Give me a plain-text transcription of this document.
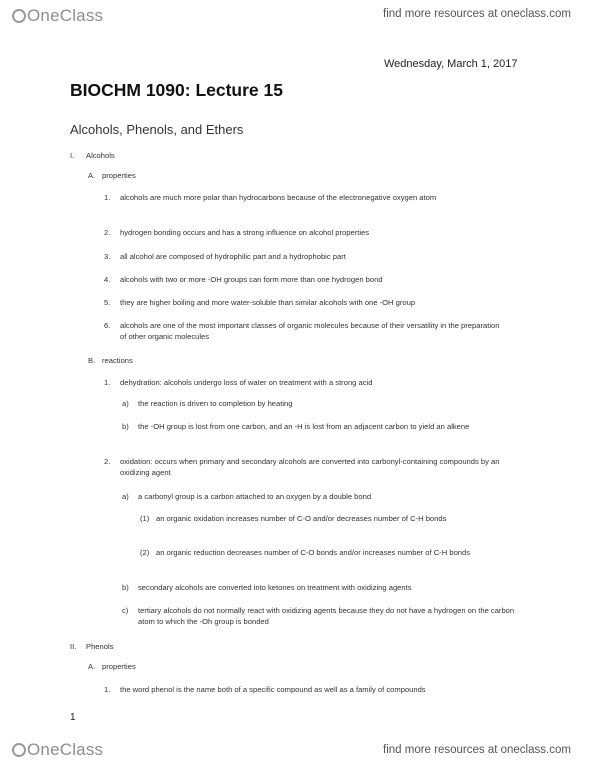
OneClass	find more resources at oneclass.com
Wednesday, March 1, 2017
BIOCHM 1090: Lecture 15
Alcohols, Phenols, and Ethers
I. Alcohols
A. properties
1. alcohols are much more polar than hydrocarbons because of the electronegative oxygen atom
2. hydrogen bonding occurs and has a strong influence on alcohol properties
3. all alcohol are composed of hydrophilic part and a hydrophobic part
4. alcohols with two or more -OH groups can form more than one hydrogen bond
5. they are higher boiling and more water-soluble than similar alcohols with one -OH group
6. alcohols are one of the most important classes of organic molecules because of their versatility in the preparation of other organic molecules
B. reactions
1. dehydration: alcohols undergo loss of water on treatment with a strong acid
a) the reaction is driven to completion by heating
b) the -OH group is lost from one carbon, and an -H is lost from an adjacent carbon to yield an alkene
2. oxidation: occurs when primary and secondary alcohols are converted into carbonyl-containing compounds by an oxidizing agent
a) a carbonyl group is a carbon attached to an oxygen by a double bond
(1) an organic oxidation increases number of C-O and/or decreases number of C-H bonds
(2) an organic reduction decreases number of C-O bonds and/or increases number of C-H bonds
b) secondary alcohols are converted into ketones on treatment with oxidizing agents
c) tertiary alcohols do not normally react with oxidizing agents because they do not have a hydrogen on the carbon atom to which the -Oh group is bonded
II. Phenols
A. properties
1. the word phenol is the name both of a specific compound as well as a family of compounds
1
OneClass	find more resources at oneclass.com
